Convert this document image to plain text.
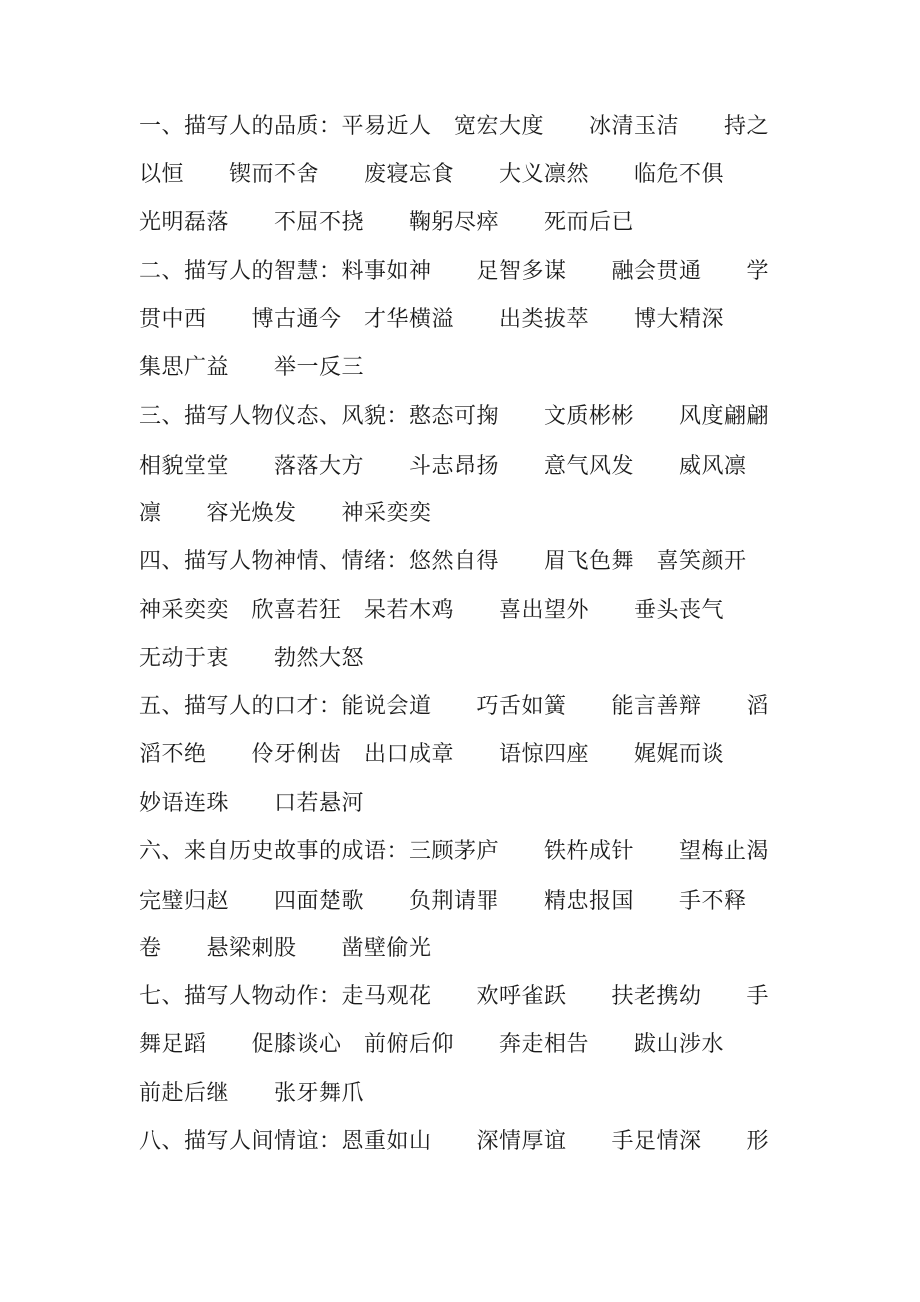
一、描写人的品质：平易近人　宽宏大度　　冰清玉洁　　持之
以恒　　锲而不舍　　废寝忘食　　大义凛然　　临危不俱
光明磊落　　不屈不挠　　鞠躬尽瘁　　死而后已
二、描写人的智慧：料事如神　　足智多谋　　融会贯通　　学
贯中西　　博古通今　才华横溢　　出类拔萃　　博大精深
集思广益　　举一反三
三、描写人物仪态、风貌：憨态可掬　　文质彬彬　　风度翩翩
相貌堂堂　　落落大方　　斗志昂扬　　意气风发　　威风凛
凛　　容光焕发　　神采奕奕
四、描写人物神情、情绪：悠然自得　　眉飞色舞　喜笑颜开
神采奕奕　欣喜若狂　呆若木鸡　　喜出望外　　垂头丧气
无动于衷　　勃然大怒
五、描写人的口才：能说会道　　巧舌如簧　　能言善辩　　滔
滔不绝　　伶牙俐齿　出口成章　　语惊四座　　娓娓而谈
妙语连珠　　口若悬河
六、来自历史故事的成语：三顾茅庐　　铁杵成针　　望梅止渴
完璧归赵　　四面楚歌　　负荆请罪　　精忠报国　　手不释
卷　　悬梁刺股　　凿壁偷光
七、描写人物动作：走马观花　　欢呼雀跃　　扶老携幼　　手
舞足蹈　　促膝谈心　前俯后仰　　奔走相告　　跋山涉水
前赴后继　　张牙舞爪
八、描写人间情谊：恩重如山　　深情厚谊　　手足情深　　形
